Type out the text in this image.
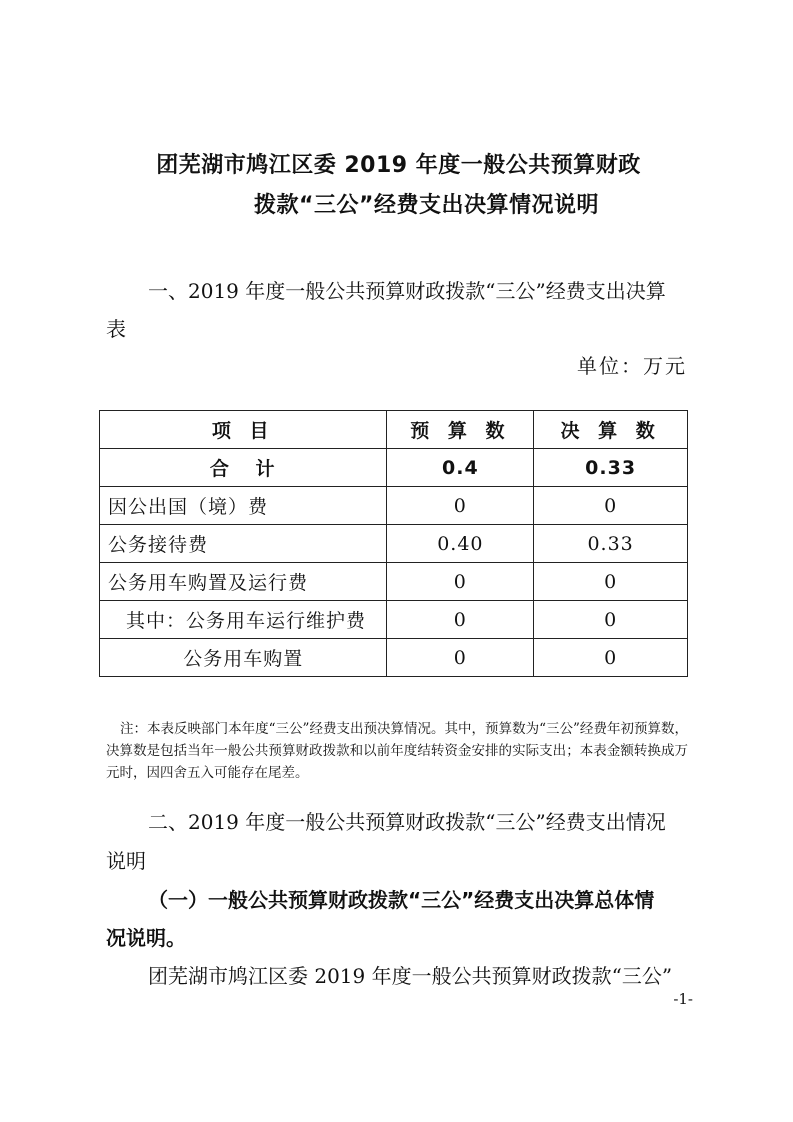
团芜湖市鸠江区委 2019 年度一般公共预算财政
拨款“三公”经费支出决算情况说明
一、2019 年度一般公共预算财政拨款“三公”经费支出决算
表
单位：万元
项 目	预 算 数	决 算 数
合 计	0.4	0.33
因公出国（境）费	0	0
公务接待费	0.40	0.33
公务用车购置及运行费	0	0
其中：公务用车运行维护费	0	0
公务用车购置	0	0
注：本表反映部门本年度“三公”经费支出预决算情况。其中，预算数为“三公”经费年初预算数，决算数是包括当年一般公共预算财政拨款和以前年度结转资金安排的实际支出；本表金额转换成万元时，因四舍五入可能存在尾差。
二、2019 年度一般公共预算财政拨款“三公”经费支出情况
说明
（一）一般公共预算财政拨款“三公”经费支出决算总体情
况说明。
团芜湖市鸠江区委 2019 年度一般公共预算财政拨款“三公”
-1-
